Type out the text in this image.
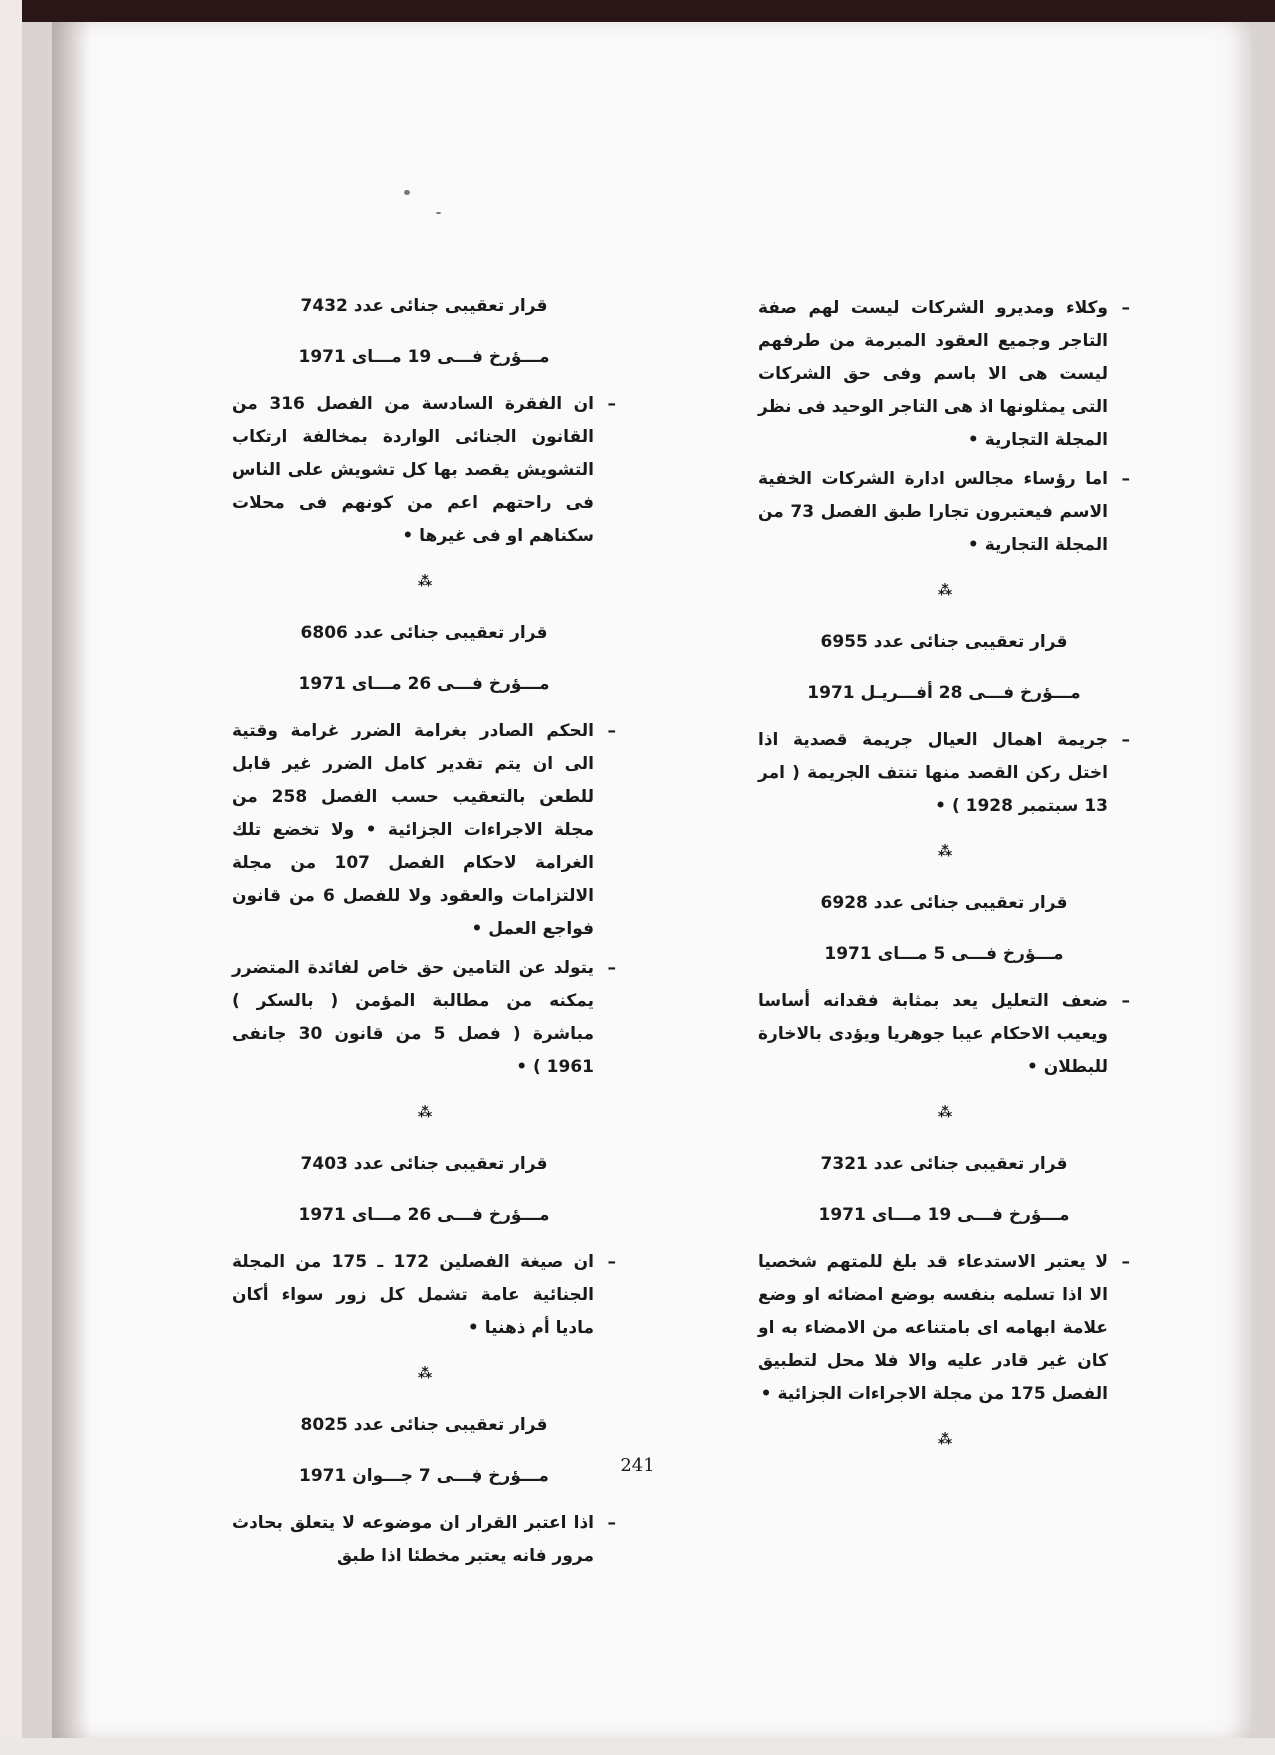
– وكلاء ومديرو الشركات ليست لهم صفة التاجر وجميع العقود المبرمة من طرفهم ليست هى الا باسم وفى حق الشركات التى يمثلونها اذ هى التاجر الوحيد فى نظر المجلة التجارية •

– اما رؤساء مجالس ادارة الشركات الخفية الاسم فيعتبرون تجارا طبق الفصل 73 من المجلة التجارية •

⁂
قرار تعقيبى جنائى عدد 6955
مـــؤرخ فـــى 28 أفـــريـل 1971

– جريمة اهمال العيال جريمة قصدية اذا اختل ركن القصد منها تنتف الجريمة ( امر 13 سبتمبر 1928 ) •

⁂
قرار تعقيبى جنائى عدد 6928
مـــؤرخ فـــى 5 مـــاى 1971

– ضعف التعليل يعد بمثابة فقدانه أساسا ويعيب الاحكام عيبا جوهريا ويؤدى بالاخارة للبطلان •

⁂
قرار تعقيبى جنائى عدد 7321
مـــؤرخ فـــى 19 مـــاى 1971

– لا يعتبر الاستدعاء قد بلغ للمتهم شخصيا الا اذا تسلمه بنفسه بوضع امضائه او وضع علامة ابهامه اى بامتناعه من الامضاء به او كان غير قادر عليه والا فلا محل لتطبيق الفصل 175 من مجلة الاجراءات الجزائية •

⁂
قرار تعقيبى جنائى عدد 7432
مـــؤرخ فـــى 19 مـــاى 1971

– ان الفقرة السادسة من الفصل 316 من القانون الجنائى الواردة بمخالفة ارتكاب التشويش يقصد بها كل تشويش على الناس فى راحتهم اعم من كونهم فى محلات سكناهم او فى غيرها •

⁂
قرار تعقيبى جنائى عدد 6806
مـــؤرخ فـــى 26 مـــاى 1971

– الحكم الصادر بغرامة الضرر غرامة وقتية الى ان يتم تقدير كامل الضرر غير قابل للطعن بالتعقيب حسب الفصل 258 من مجلة الاجراءات الجزائية • ولا تخضع تلك الغرامة لاحكام الفصل 107 من مجلة الالتزامات والعقود ولا للفصل 6 من قانون فواجع العمل •

– يتولد عن التامين حق خاص لفائدة المتضرر يمكنه من مطالبة المؤمن ( بالسكر ) مباشرة ( فصل 5 من قانون 30 جانفى 1961 ) •

⁂
قرار تعقيبى جنائى عدد 7403
مـــؤرخ فـــى 26 مـــاى 1971

– ان صيغة الفصلين 172 ـ 175 من المجلة الجنائية عامة تشمل كل زور سواء أكان ماديا أم ذهنيا •

⁂
قرار تعقيبى جنائى عدد 8025
مـــؤرخ فـــى 7 جـــوان 1971

– اذا اعتبر القرار ان موضوعه لا يتعلق بحادث مرور فانه يعتبر مخطئا اذا طبق

241
